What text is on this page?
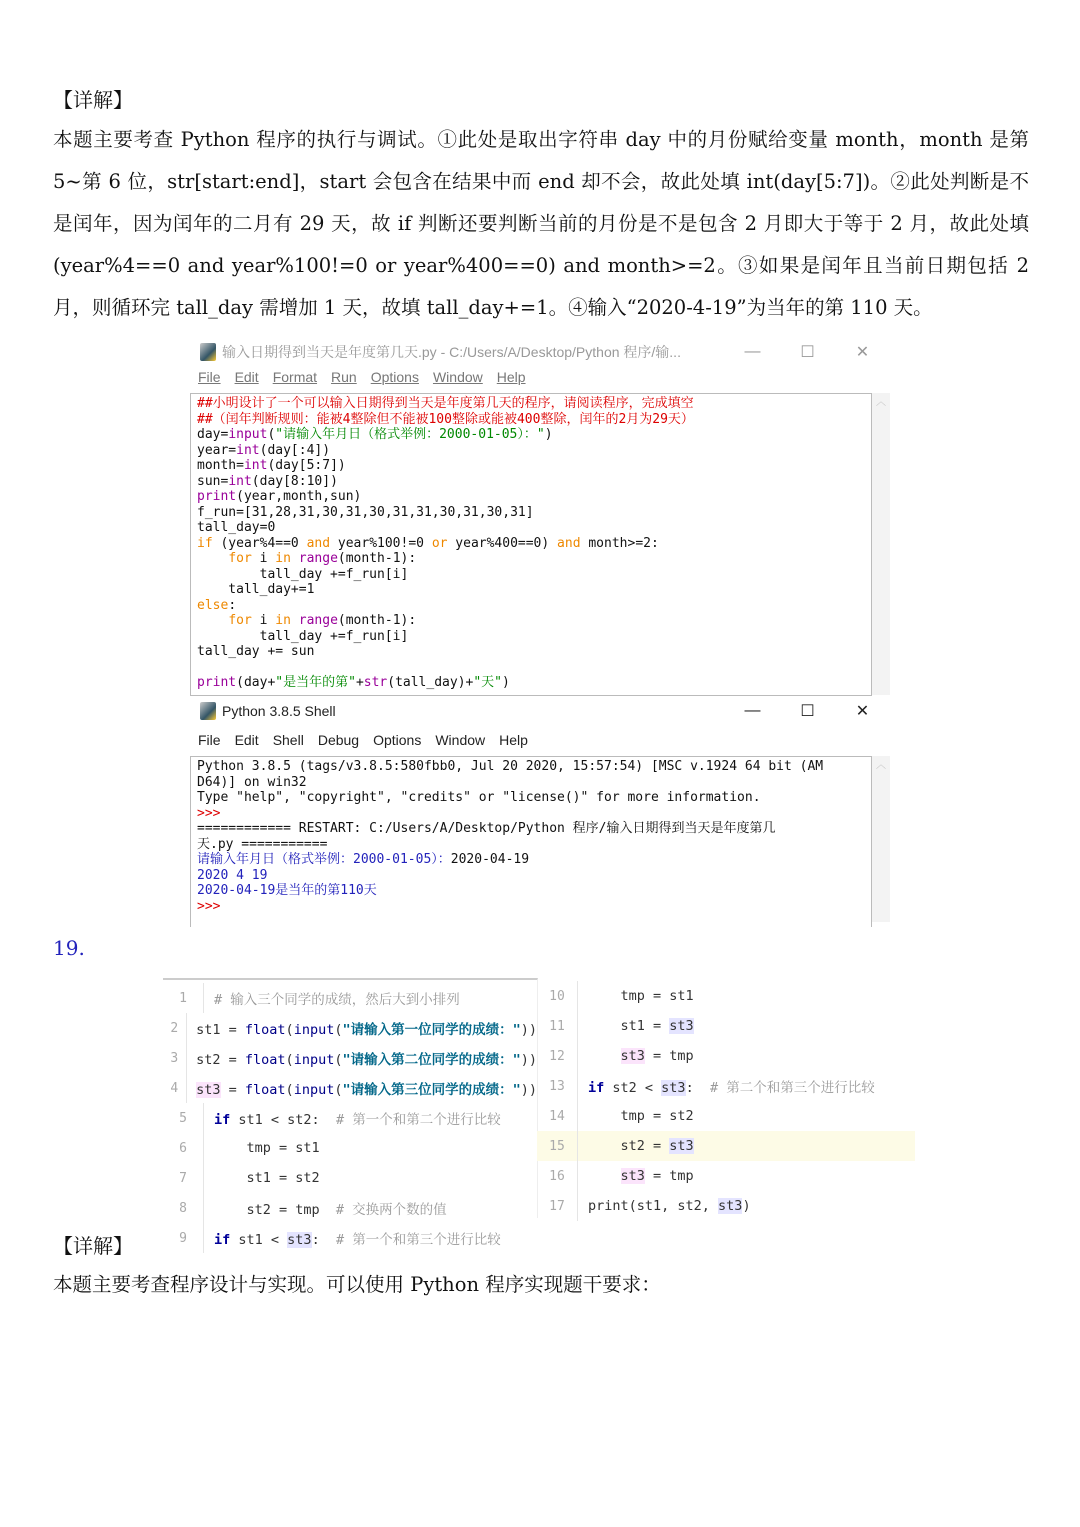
【详解】
本题主要考查 Python 程序的执行与调试。①此处是取出字符串 day 中的月份赋给变量 month，month 是第 5~第 6 位，str[start:end]，start 会包含在结果中而 end 却不会，故此处填 int(day[5:7])。②此处判断是不是闰年，因为闰年的二月有 29 天，故 if 判断还要判断当前的月份是不是包含 2 月即大于等于 2 月，故此处填(year%4==0 and year%100!=0 or year%400==0) and month>=2。③如果是闰年且当前日期包括 2 月，则循环完 tall_day 需增加 1 天，故填 tall_day+=1。④输入“2020-4-19”为当年的第 110 天。
输入日期得到当天是年度第几天.py - C:/Users/A/Desktop/Python 程序/输...	—	☐	✕
File Edit Format Run Options Window Help
##小明设计了一个可以输入日期得到当天是年度第几天的程序，请阅读程序，完成填空
##（闰年判断规则：能被4整除但不能被100整除或能被400整除，闰年的2月为29天）
day=input("请输入年月日（格式举例：2000-01-05）：")
year=int(day[:4])
month=int(day[5:7])
sun=int(day[8:10])
print(year,month,sun)
f_run=[31,28,31,30,31,30,31,31,30,31,30,31]
tall_day=0
if (year%4==0 and year%100!=0 or year%400==0) and month>=2:
for i in range(month-1):
tall_day +=f_run[i]
tall_day+=1
else:
for i in range(month-1):
tall_day +=f_run[i]
tall_day += sun

print(day+"是当年的第"+str(tall_day)+"天")
︿
Python 3.8.5 Shell	—	☐	✕
File Edit Shell Debug Options Window Help
Python 3.8.5 (tags/v3.8.5:580fbb0, Jul 20 2020, 15:57:54) [MSC v.1924 64 bit (AM
D64)] on win32
Type "help", "copyright", "credits" or "license()" for more information.
>>>
============ RESTART: C:/Users/A/Desktop/Python 程序/输入日期得到当天是年度第几
天.py ===========
请输入年月日（格式举例：2000-01-05）：2020-04-19
2020 4 19
2020-04-19是当年的第110天
>>>
︿
19.
1	# 输入三个同学的成绩，然后大到小排列
2	st1 = float(input("请输入第一位同学的成绩："))
3	st2 = float(input("请输入第二位同学的成绩："))
4	st3 = float(input("请输入第三位同学的成绩："))
5	if st1 < st2:  # 第一个和第二个进行比较
6	tmp = st1
7	st1 = st2
8	st2 = tmp  # 交换两个数的值
9	if st1 < st3:  # 第一个和第三个进行比较
10	tmp = st1
11	st1 = st3
12	st3 = tmp
13	if st2 < st3:  # 第二个和第三个进行比较
14	tmp = st2
15	st2 = st3
16	st3 = tmp
17	print(st1, st2, st3)
【详解】
本题主要考查程序设计与实现。可以使用 Python 程序实现题干要求：
